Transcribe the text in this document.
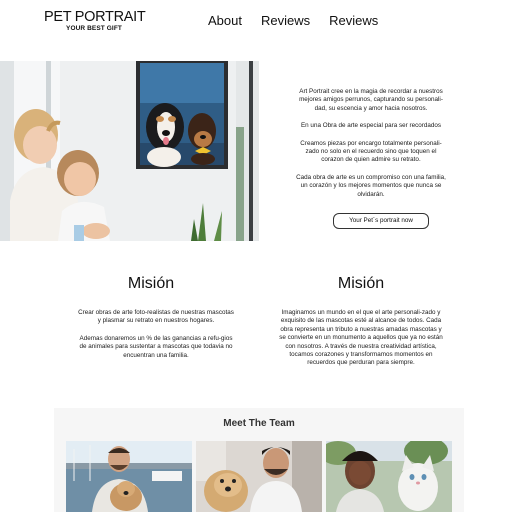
PET PORTRAIT
YOUR BEST GIFT
About Reviews Reviews

Art Portrait cree en la magia de recordar a nuestros mejores amigos perrunos, capturando su personali-dad, su escencia y amor hacia nosotros.

En una Obra de arte especial para ser recordados

Creamos piezas por encargo totalmente personali-zado no solo en el recuerdo sino que toquen el corazon de quien admire su retrato.

Cada obra de arte es un compromiso con una familia, un corazón y los mejores momentos que nunca se olvidarán.

Your Pet´s portrait now
Misión

Crear obras de arte foto-realistas de nuestras mascotas y plasmar su retrato en nuestros hogares.

Ademas donaremos un % de las ganancias a refu-gios de animales para sustentar a mascotas que todavia no encuentran una familia.

Misión

Imaginamos un mundo en el que el arte personali-zado y exquisito de las mascotas esté al alcance de todos. Cada obra representa un tributo a nuestras amadas mascotas y se convierte en un monumento a aquellos que ya no están con nosotros. A través de nuestra creatividad artística, tocamos corazones y transformamos momentos en recuerdos que perduran para siempre.

Meet The Team
